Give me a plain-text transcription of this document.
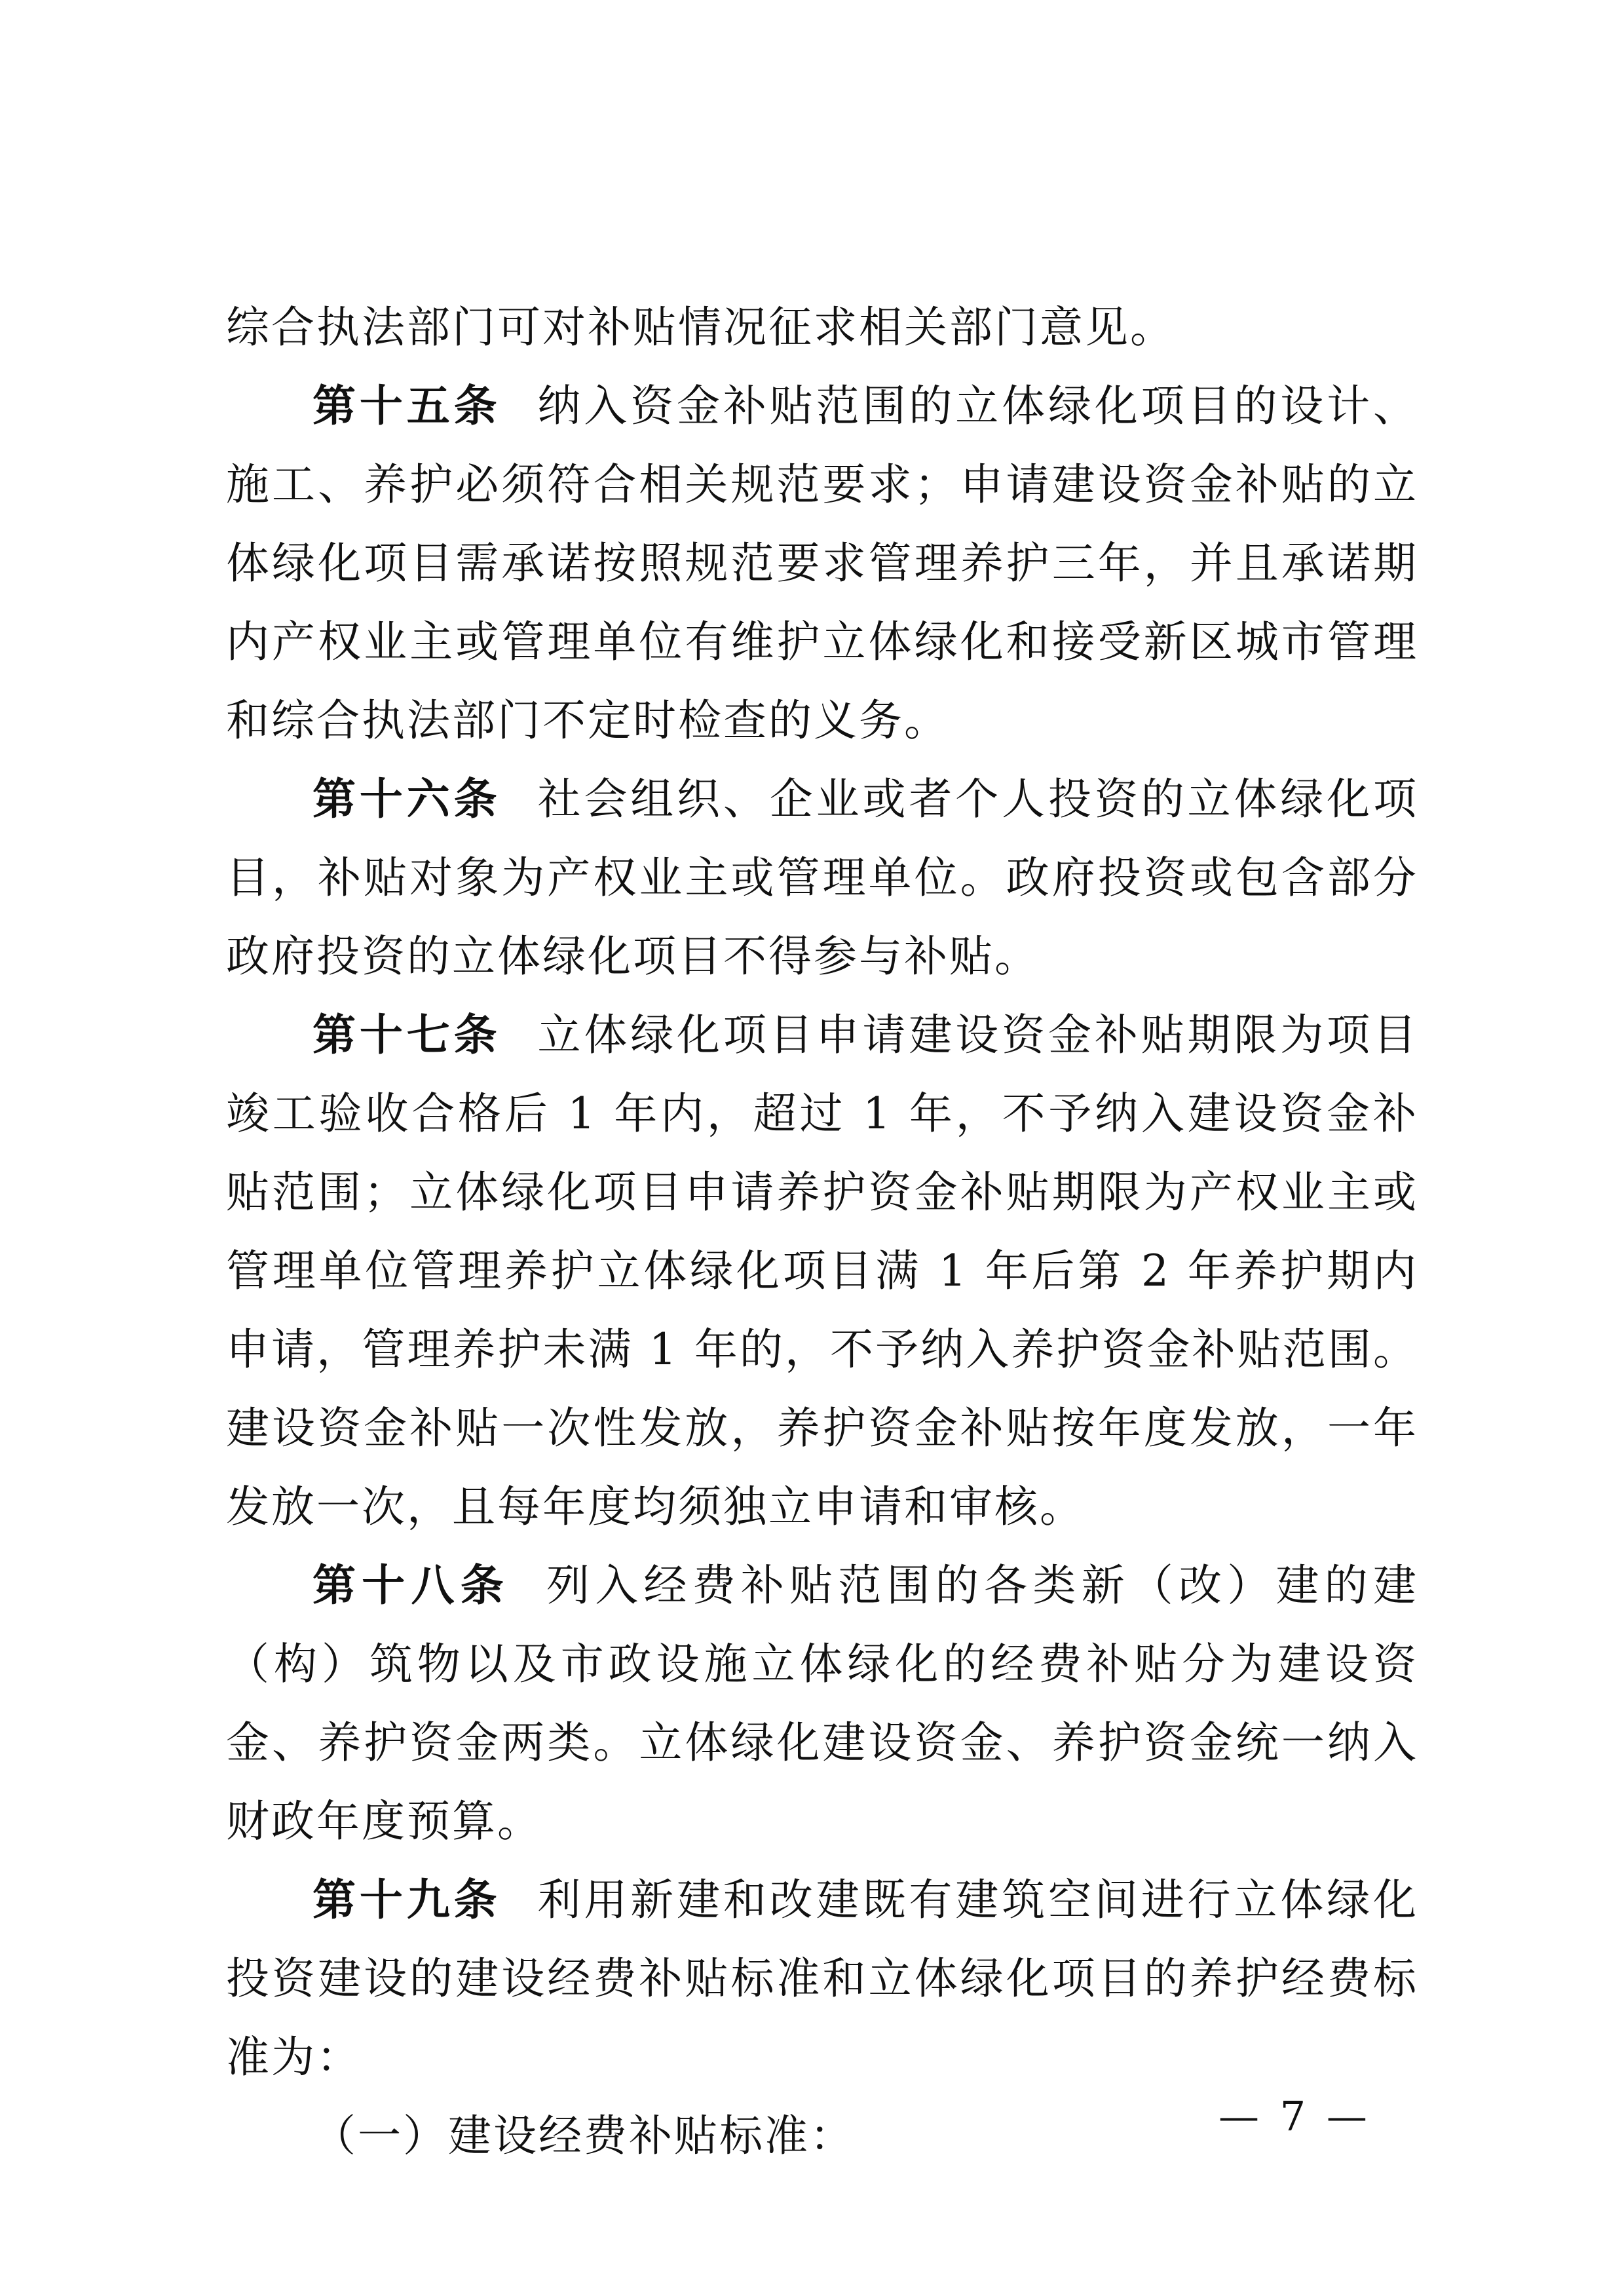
综合执法部门可对补贴情况征求相关部门意见。

第十五条 纳入资金补贴范围的立体绿化项目的设计、施工、养护必须符合相关规范要求；申请建设资金补贴的立体绿化项目需承诺按照规范要求管理养护三年，并且承诺期内产权业主或管理单位有维护立体绿化和接受新区城市管理和综合执法部门不定时检查的义务。

第十六条 社会组织、企业或者个人投资的立体绿化项目，补贴对象为产权业主或管理单位。政府投资或包含部分政府投资的立体绿化项目不得参与补贴。

第十七条 立体绿化项目申请建设资金补贴期限为项目竣工验收合格后 1 年内，超过 1 年，不予纳入建设资金补贴范围；立体绿化项目申请养护资金补贴期限为产权业主或管理单位管理养护立体绿化项目满 1 年后第 2 年养护期内申请，管理养护未满 1 年的，不予纳入养护资金补贴范围。建设资金补贴一次性发放，养护资金补贴按年度发放，一年发放一次，且每年度均须独立申请和审核。

第十八条 列入经费补贴范围的各类新（改）建的建（构）筑物以及市政设施立体绿化的经费补贴分为建设资金、养护资金两类。立体绿化建设资金、养护资金统一纳入财政年度预算。

第十九条 利用新建和改建既有建筑空间进行立体绿化投资建设的建设经费补贴标准和立体绿化项目的养护经费标准为：

（一）建设经费补贴标准：	— 7 —
